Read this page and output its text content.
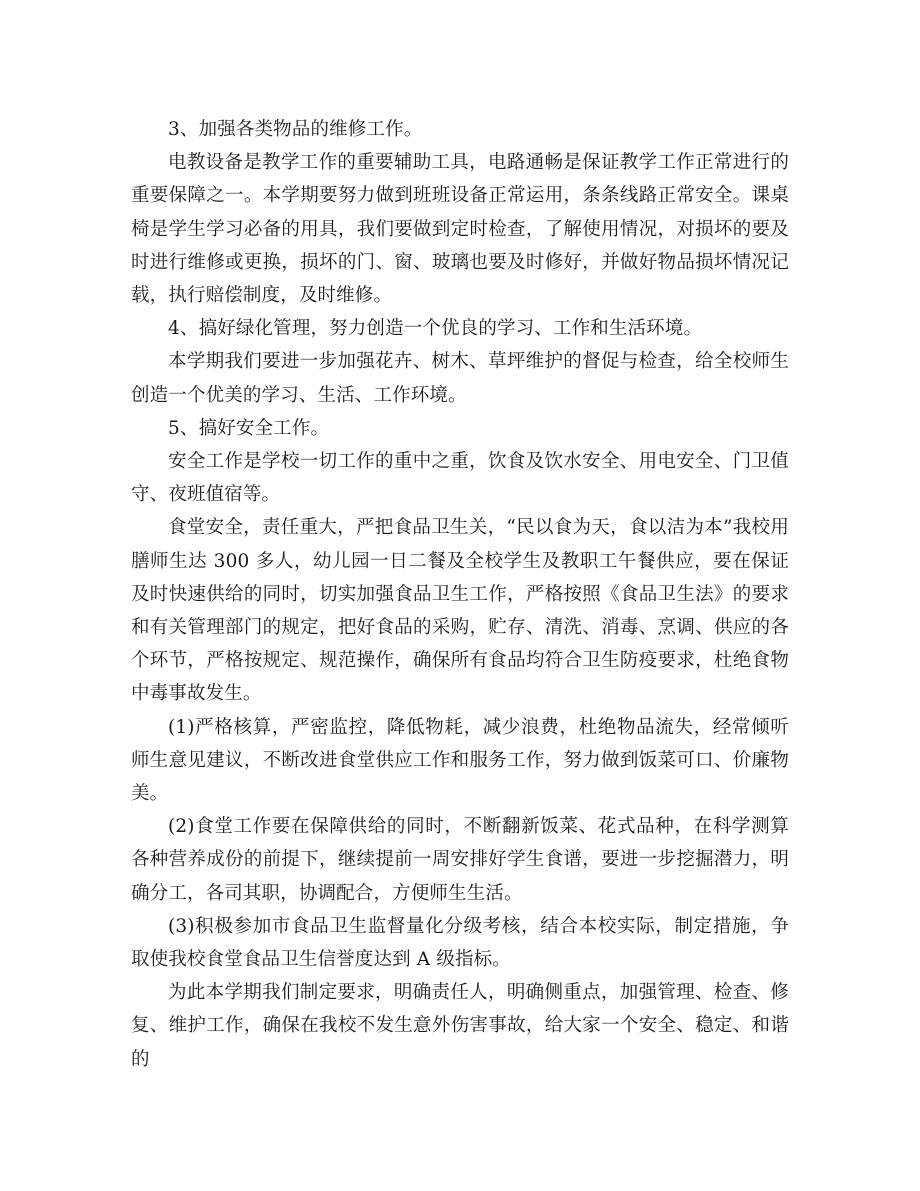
3、加强各类物品的维修工作。

电教设备是教学工作的重要辅助工具，电路通畅是保证教学工作正常进行的重要保障之一。本学期要努力做到班班设备正常运用，条条线路正常安全。课桌椅是学生学习必备的用具，我们要做到定时检查，了解使用情况，对损坏的要及时进行维修或更换，损坏的门、窗、玻璃也要及时修好，并做好物品损坏情况记载，执行赔偿制度，及时维修。

4、搞好绿化管理，努力创造一个优良的学习、工作和生活环境。

本学期我们要进一步加强花卉、树木、草坪维护的督促与检查，给全校师生创造一个优美的学习、生活、工作环境。

5、搞好安全工作。

安全工作是学校一切工作的重中之重，饮食及饮水安全、用电安全、门卫值守、夜班值宿等。

食堂安全，责任重大，严把食品卫生关，“民以食为天，食以洁为本”我校用膳师生达 300 多人，幼儿园一日二餐及全校学生及教职工午餐供应，要在保证及时快速供给的同时，切实加强食品卫生工作，严格按照《食品卫生法》的要求和有关管理部门的规定，把好食品的采购，贮存、清洗、消毒、烹调、供应的各个环节，严格按规定、规范操作，确保所有食品均符合卫生防疫要求，杜绝食物中毒事故发生。

(1)严格核算，严密监控，降低物耗，减少浪费，杜绝物品流失，经常倾听师生意见建议，不断改进食堂供应工作和服务工作，努力做到饭菜可口、价廉物美。

(2)食堂工作要在保障供给的同时，不断翻新饭菜、花式品种，在科学测算各种营养成份的前提下，继续提前一周安排好学生食谱，要进一步挖掘潜力，明确分工，各司其职，协调配合，方便师生生活。

(3)积极参加市食品卫生监督量化分级考核，结合本校实际，制定措施，争取使我校食堂食品卫生信誉度达到 A 级指标。

为此本学期我们制定要求，明确责任人，明确侧重点，加强管理、检查、修复、维护工作，确保在我校不发生意外伤害事故，给大家一个安全、稳定、和谐的
